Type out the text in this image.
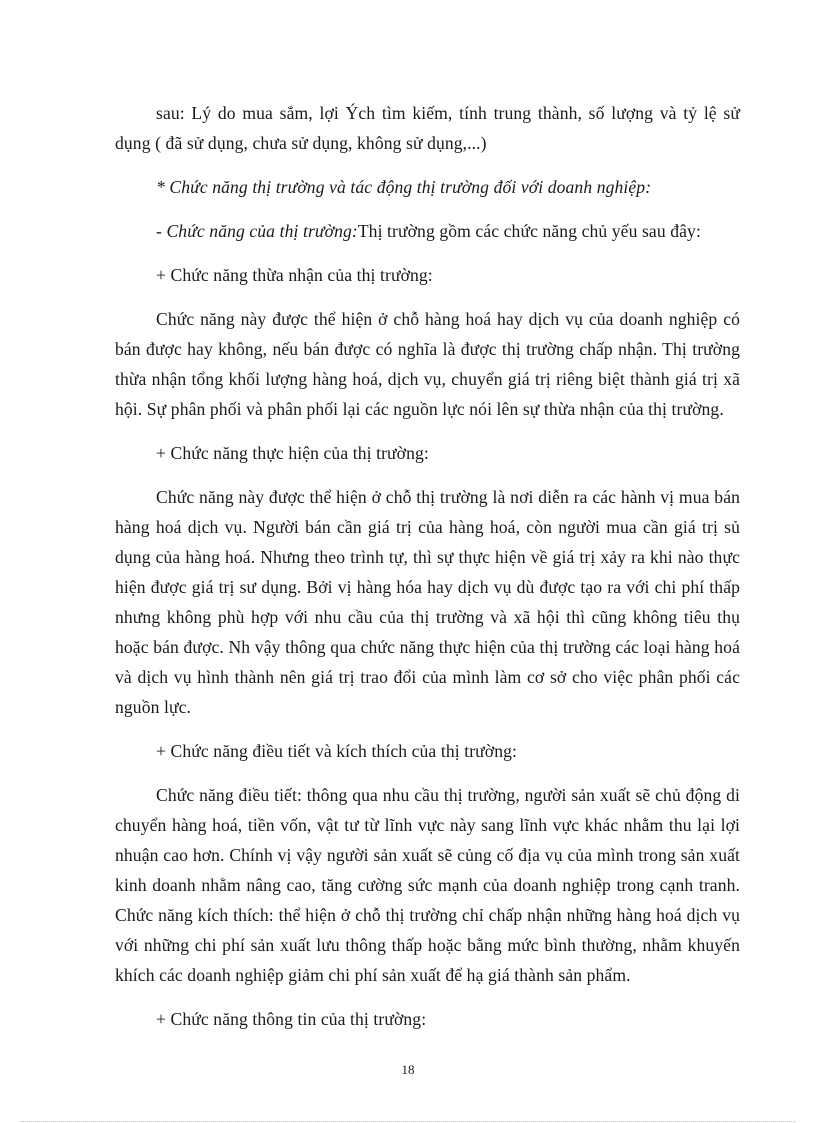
sau: Lý do mua sắm, lợi Ých tìm kiếm, tính trung thành, số lượng và tỷ lệ sử dụng ( đã sử dụng, chưa sử dụng, không sử dụng,...)

* Chức năng thị trường và tác động thị trường đối với doanh nghiệp:

- Chức năng của thị trường:Thị trường gồm các chức năng chủ yếu sau đây:

+ Chức năng thừa nhận của thị trường:

Chức năng này được thể hiện ở chỗ hàng hoá hay dịch vụ của doanh nghiệp có bán được hay không, nếu bán được có nghĩa là được thị trường chấp nhận. Thị trường thừa nhận tổng khối lượng hàng hoá, dịch vụ, chuyển giá trị riêng biệt thành giá trị xã hội. Sự phân phối và phân phối lại các nguồn lực nói lên sự thừa nhận của thị trường.

+ Chức năng thực hiện của thị trường:

Chức năng này được thể hiện ở chỗ thị trường là nơi diễn ra các hành vị mua bán hàng hoá dịch vụ. Người bán cần giá trị của hàng hoá, còn người mua cần giá trị sủ dụng của hàng hoá. Nhưng theo trình tự, thì sự thực hiện về giá trị xảy ra khi nào thực hiện được giá trị sư dụng. Bởi vị hàng hóa hay dịch vụ dù được tạo ra với chi phí thấp nhưng không phù hợp với nhu cầu của thị trường và xã hội thì cũng không tiêu thụ hoặc bán được. Nh vậy thông qua chức năng thực hiện của thị trường các loại hàng hoá và dịch vụ hình thành nên giá trị trao đổi của mình làm cơ sở cho việc phân phối các nguồn lực.

+ Chức năng điều tiết và kích thích của thị trường:

Chức năng điều tiết: thông qua nhu cầu thị trường, người sản xuất sẽ chủ động di chuyển hàng hoá, tiền vốn, vật tư từ lĩnh vực này sang lĩnh vực khác nhằm thu lại lợi nhuận cao hơn. Chính vị vậy người sản xuất sẽ củng cố địa vụ của mình trong sản xuất kinh doanh nhằm nâng cao, tăng cường sức mạnh của doanh nghiệp trong cạnh tranh. Chức năng kích thích: thể hiện ở chỗ thị trường chỉ chấp nhận những hàng hoá dịch vụ với những chi phí sản xuất lưu thông thấp hoặc bằng mức bình thường, nhằm khuyến khích các doanh nghiệp giảm chi phí sản xuất để hạ giá thành sản phẩm.

+ Chức năng thông tin của thị trường:

18
